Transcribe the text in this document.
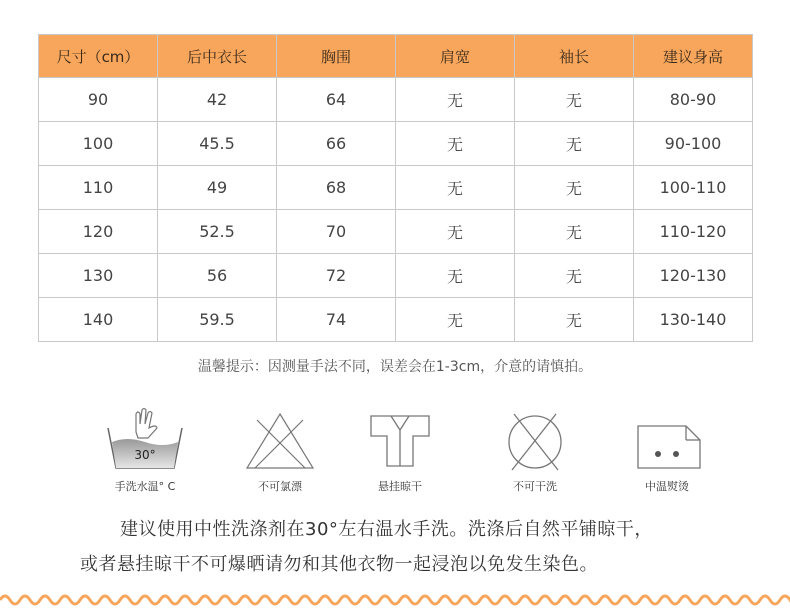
尺寸（cm）	后中衣长	胸围	肩宽	袖长	建议身高
90	42	64	无	无	80-90
100	45.5	66	无	无	90-100
110	49	68	无	无	100-110
120	52.5	70	无	无	110-120
130	56	72	无	无	120-130
140	59.5	74	无	无	130-140
温馨提示：因测量手法不同，误差会在1-3cm，介意的请慎拍。
30°
手洗水温° C	不可氯漂	悬挂晾干	不可干洗	中温熨烫
建议使用中性洗涤剂在30°左右温水手洗。洗涤后自然平铺晾干，
或者悬挂晾干不可爆晒请勿和其他衣物一起浸泡以免发生染色。
